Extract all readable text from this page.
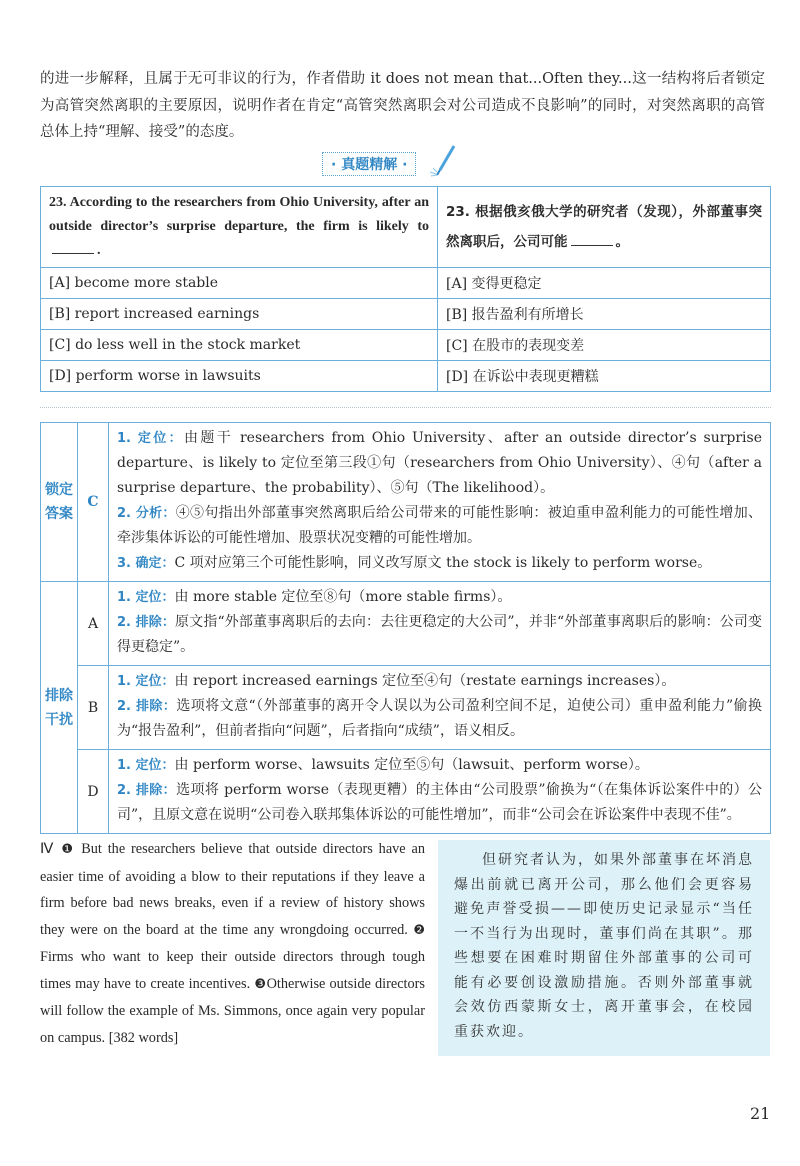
的进一步解释，且属于无可非议的行为，作者借助 it does not mean that...Often they...这一结构将后者锁定为高管突然离职的主要原因，说明作者在肯定“高管突然离职会对公司造成不良影响”的同时，对突然离职的高管总体上持“理解、接受”的态度。
· 真题精解 ·
23. According to the researchers from Ohio University, after an outside director’s surprise departure, the firm is likely to .	23. 根据俄亥俄大学的研究者（发现），外部董事突然离职后，公司可能 。
[A] become more stable	[A] 变得更稳定
[B] report increased earnings	[B] 报告盈利有所增长
[C] do less well in the stock market	[C] 在股市的表现变差
[D] perform worse in lawsuits	[D] 在诉讼中表现更糟糕
锁定答案	C	1. 定位：由题干 researchers from Ohio University、after an outside director’s surprise departure、is likely to 定位至第三段①句（researchers from Ohio University）、④句（after a surprise departure、the probability）、⑤句（The likelihood）。
2. 分析：④⑤句指出外部董事突然离职后给公司带来的可能性影响：被迫重申盈利能力的可能性增加、牵涉集体诉讼的可能性增加、股票状况变糟的可能性增加。
3. 确定：C 项对应第三个可能性影响，同义改写原文 the stock is likely to perform worse。

排除干扰	A	1. 定位：由 more stable 定位至⑧句（more stable firms）。
2. 排除：原文指“外部董事离职后的去向：去往更稳定的大公司”，并非“外部董事离职后的影响：公司变得更稳定”。

	B	1. 定位：由 report increased earnings 定位至④句（restate earnings increases）。
2. 排除：选项将文意“（外部董事的离开令人误以为公司盈利空间不足，迫使公司）重申盈利能力”偷换为“报告盈利”，但前者指向“问题”，后者指向“成绩”，语义相反。

	D	1. 定位：由 perform worse、lawsuits 定位至⑤句（lawsuit、perform worse）。
2. 排除：选项将 perform worse（表现更糟）的主体由“公司股票”偷换为“（在集体诉讼案件中的）公司”，且原文意在说明“公司卷入联邦集体诉讼的可能性增加”，而非“公司会在诉讼案件中表现不佳”。
Ⅳ ❶ But the researchers believe that outside directors have an easier time of avoiding a blow to their reputations if they leave a firm before bad news breaks, even if a review of history shows they were on the board at the time any wrongdoing occurred. ❷ Firms who want to keep their outside directors through tough times may have to create incentives. ❸Otherwise outside directors will follow the example of Ms. Simmons, once again very popular on campus. [382 words]

但研究者认为，如果外部董事在坏消息爆出前就已离开公司，那么他们会更容易避免声誉受损——即使历史记录显示“当任一不当行为出现时，董事们尚在其职”。那些想要在困难时期留住外部董事的公司可能有必要创设激励措施。否则外部董事就会效仿西蒙斯女士，离开董事会，在校园重获欢迎。

21
